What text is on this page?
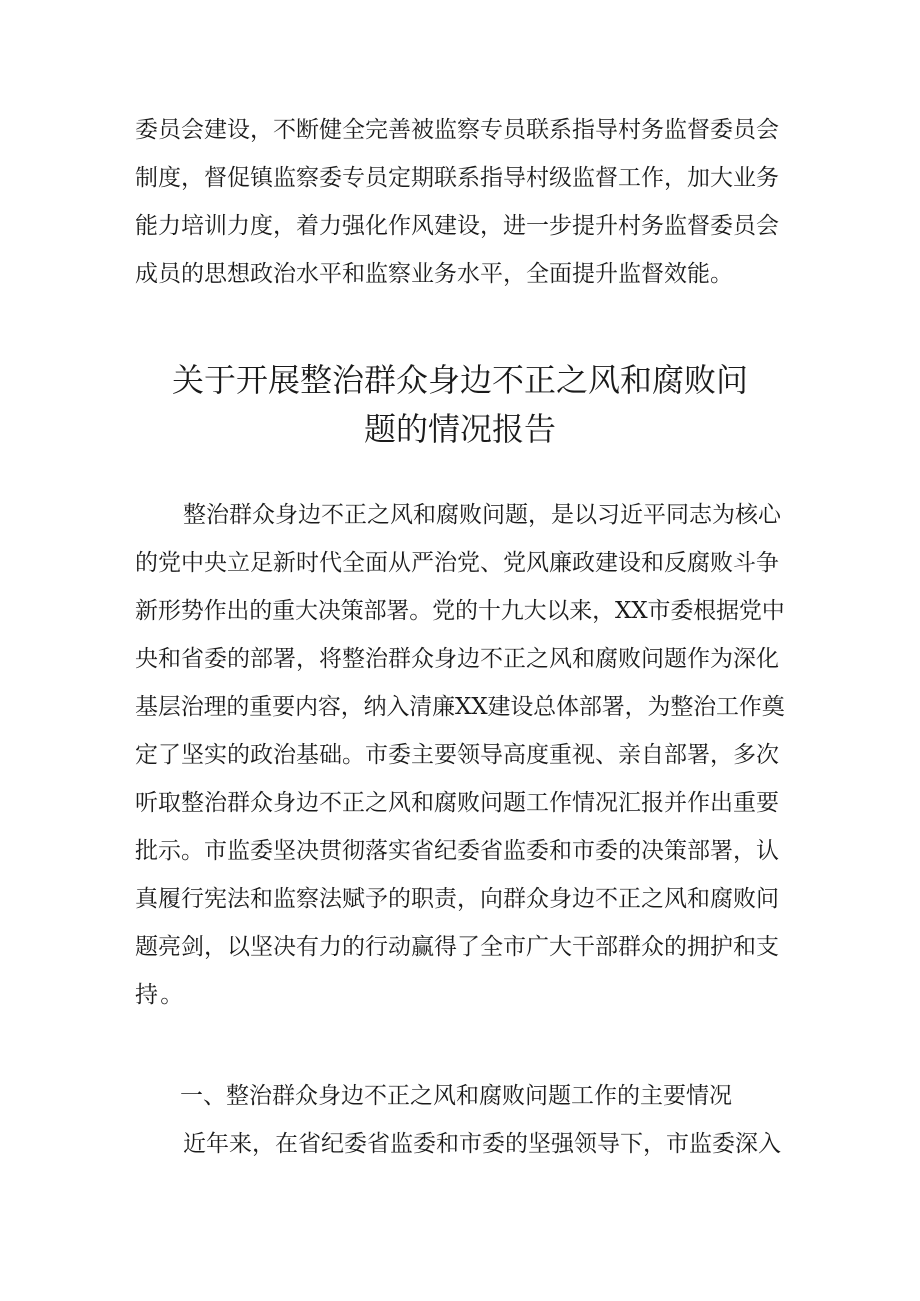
委员会建设，不断健全完善被监察专员联系指导村务监督委员会
制度，督促镇监察委专员定期联系指导村级监督工作，加大业务
能力培训力度，着力强化作风建设，进一步提升村务监督委员会
成员的思想政治水平和监察业务水平，全面提升监督效能。
关于开展整治群众身边不正之风和腐败问
题的情况报告
整治群众身边不正之风和腐败问题，是以习近平同志为核心
的党中央立足新时代全面从严治党、党风廉政建设和反腐败斗争
新形势作出的重大决策部署。党的十九大以来，XX市委根据党中
央和省委的部署，将整治群众身边不正之风和腐败问题作为深化
基层治理的重要内容，纳入清廉XX建设总体部署，为整治工作奠
定了坚实的政治基础。市委主要领导高度重视、亲自部署，多次
听取整治群众身边不正之风和腐败问题工作情况汇报并作出重要
批示。市监委坚决贯彻落实省纪委省监委和市委的决策部署，认
真履行宪法和监察法赋予的职责，向群众身边不正之风和腐败问
题亮剑，以坚决有力的行动赢得了全市广大干部群众的拥护和支
持。
一、整治群众身边不正之风和腐败问题工作的主要情况
近年来，在省纪委省监委和市委的坚强领导下，市监委深入
